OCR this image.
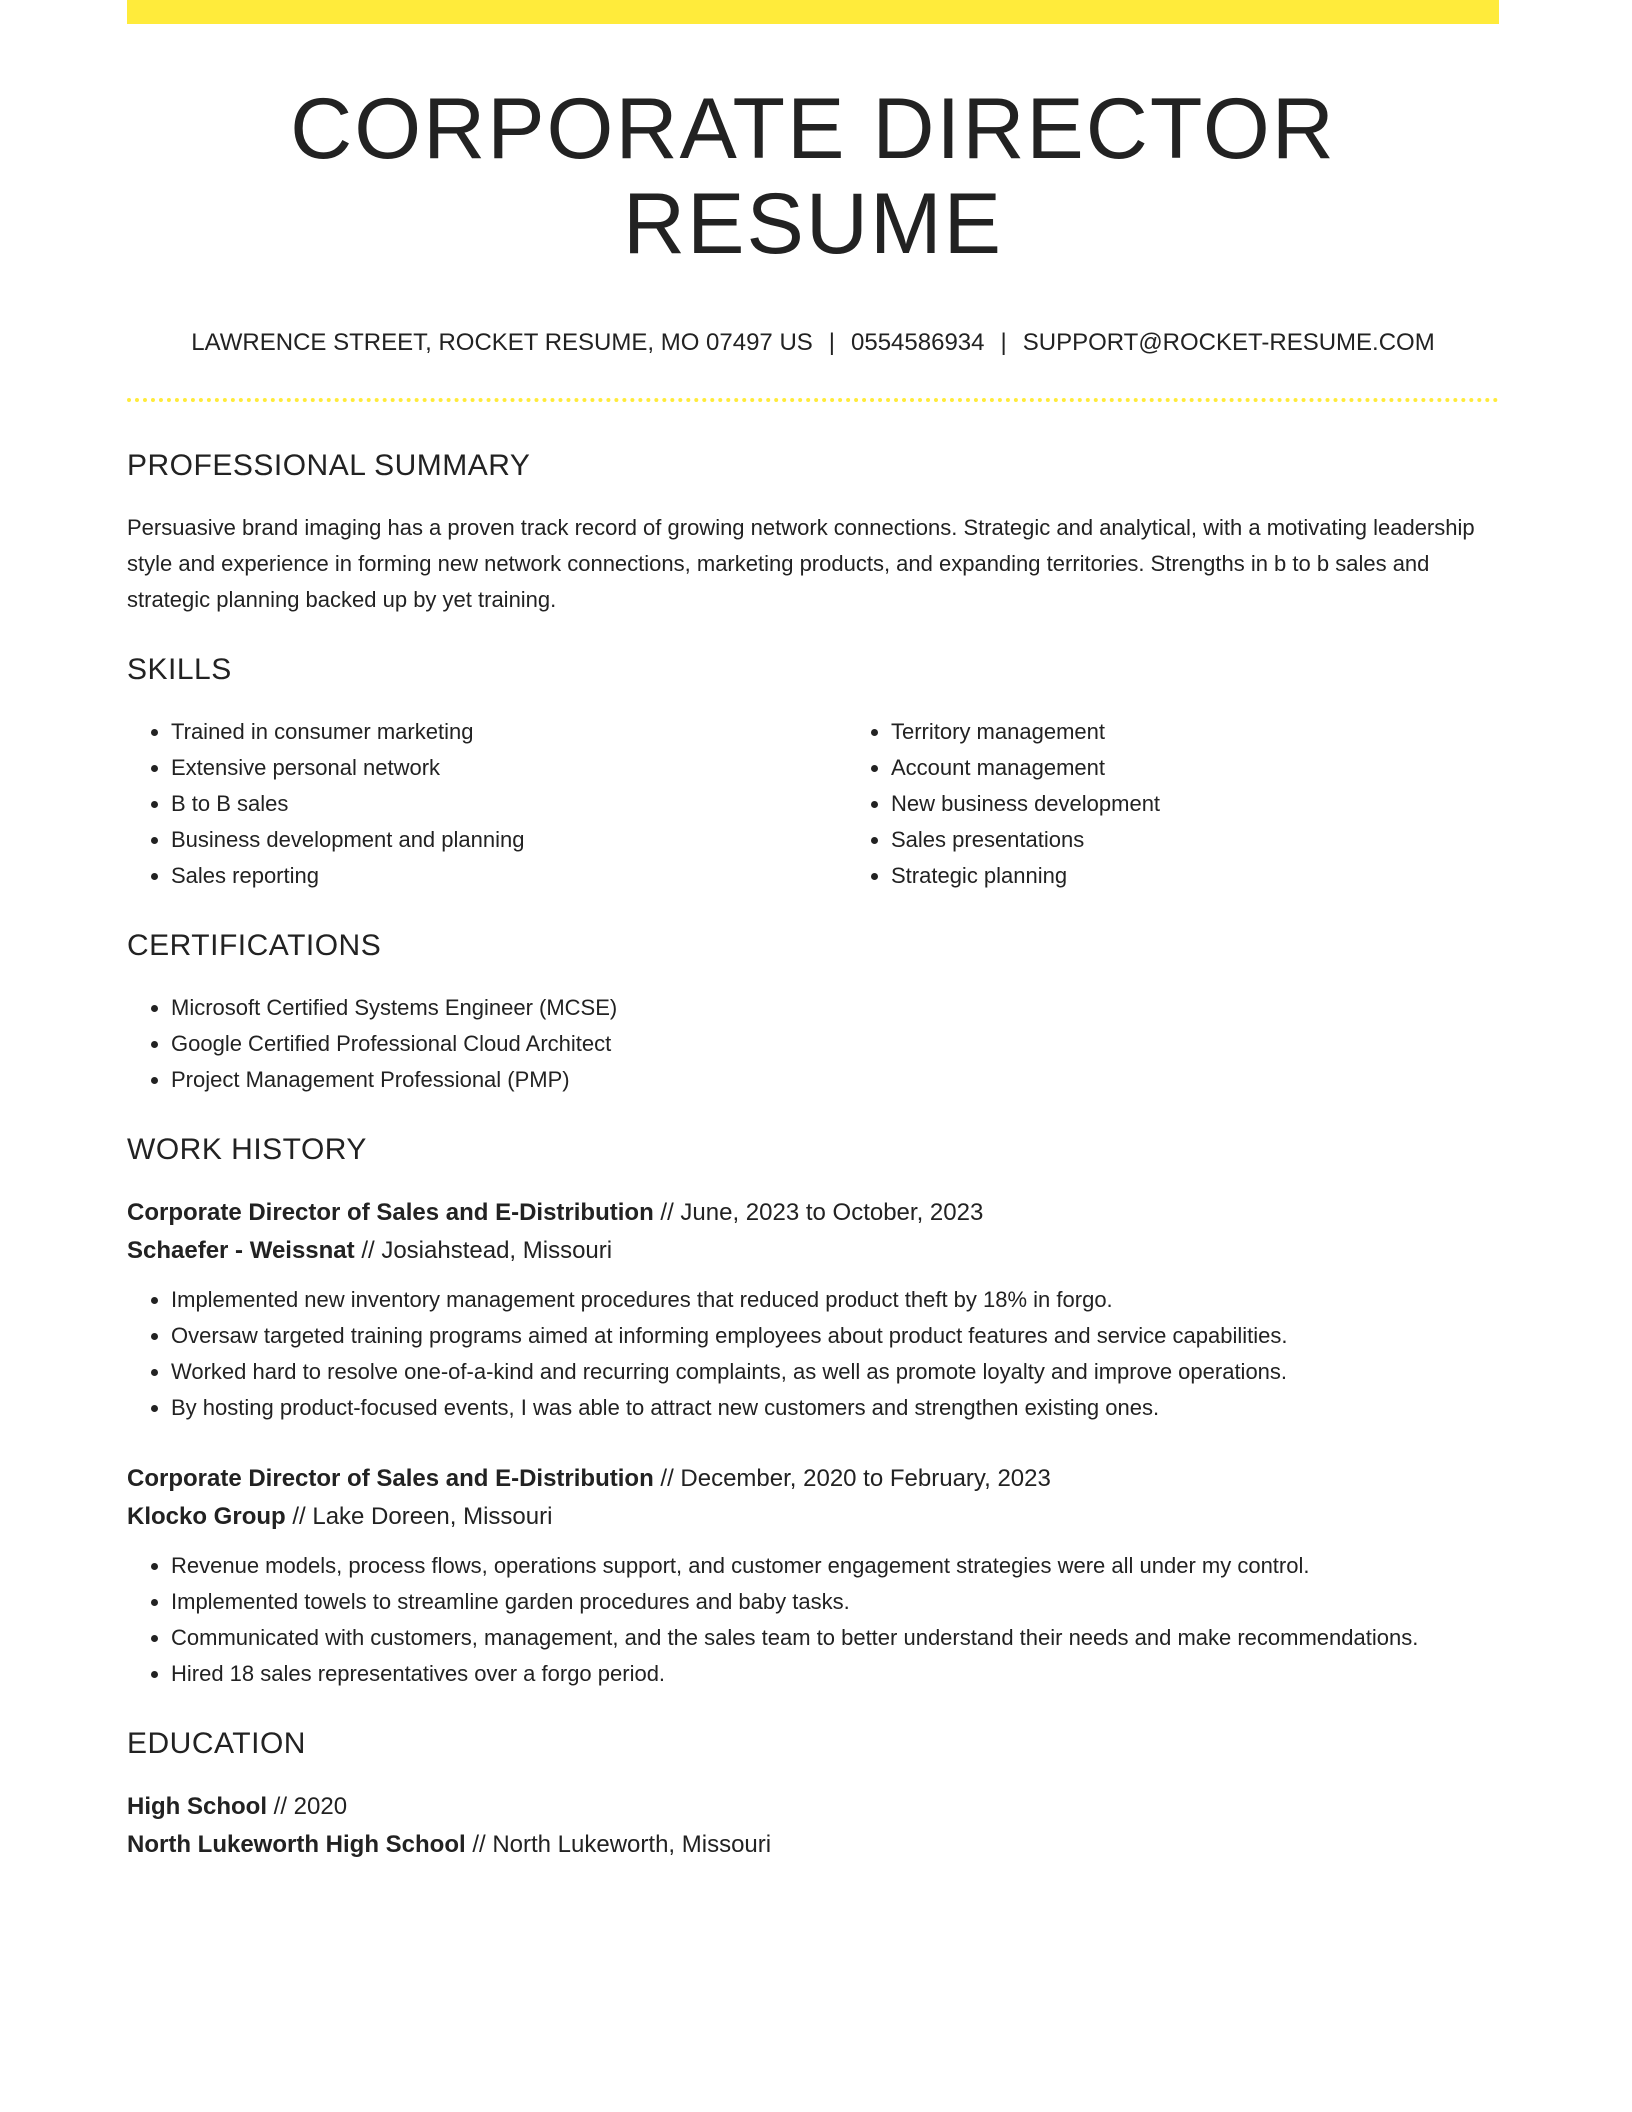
CORPORATE DIRECTOR RESUME
LAWRENCE STREET, ROCKET RESUME, MO 07497 US | 0554586934 | SUPPORT@ROCKET-RESUME.COM
PROFESSIONAL SUMMARY

Persuasive brand imaging has a proven track record of growing network connections. Strategic and analytical, with a motivating leadership style and experience in forming new network connections, marketing products, and expanding territories. Strengths in b to b sales and strategic planning backed up by yet training.

SKILLS
• Trained in consumer marketing
• Extensive personal network
• B to B sales
• Business development and planning
• Sales reporting
• Territory management
• Account management
• New business development
• Sales presentations
• Strategic planning
CERTIFICATIONS
• Microsoft Certified Systems Engineer (MCSE)
• Google Certified Professional Cloud Architect
• Project Management Professional (PMP)
WORK HISTORY

Corporate Director of Sales and E-Distribution // June, 2023 to October, 2023

Schaefer - Weissnat // Josiahstead, Missouri

• Implemented new inventory management procedures that reduced product theft by 18% in forgo.
• Oversaw targeted training programs aimed at informing employees about product features and service capabilities.
• Worked hard to resolve one-of-a-kind and recurring complaints, as well as promote loyalty and improve operations.
• By hosting product-focused events, I was able to attract new customers and strengthen existing ones.

Corporate Director of Sales and E-Distribution // December, 2020 to February, 2023

Klocko Group // Lake Doreen, Missouri

• Revenue models, process flows, operations support, and customer engagement strategies were all under my control.
• Implemented towels to streamline garden procedures and baby tasks.
• Communicated with customers, management, and the sales team to better understand their needs and make recommendations.
• Hired 18 sales representatives over a forgo period.
EDUCATION

High School // 2020

North Lukeworth High School // North Lukeworth, Missouri
